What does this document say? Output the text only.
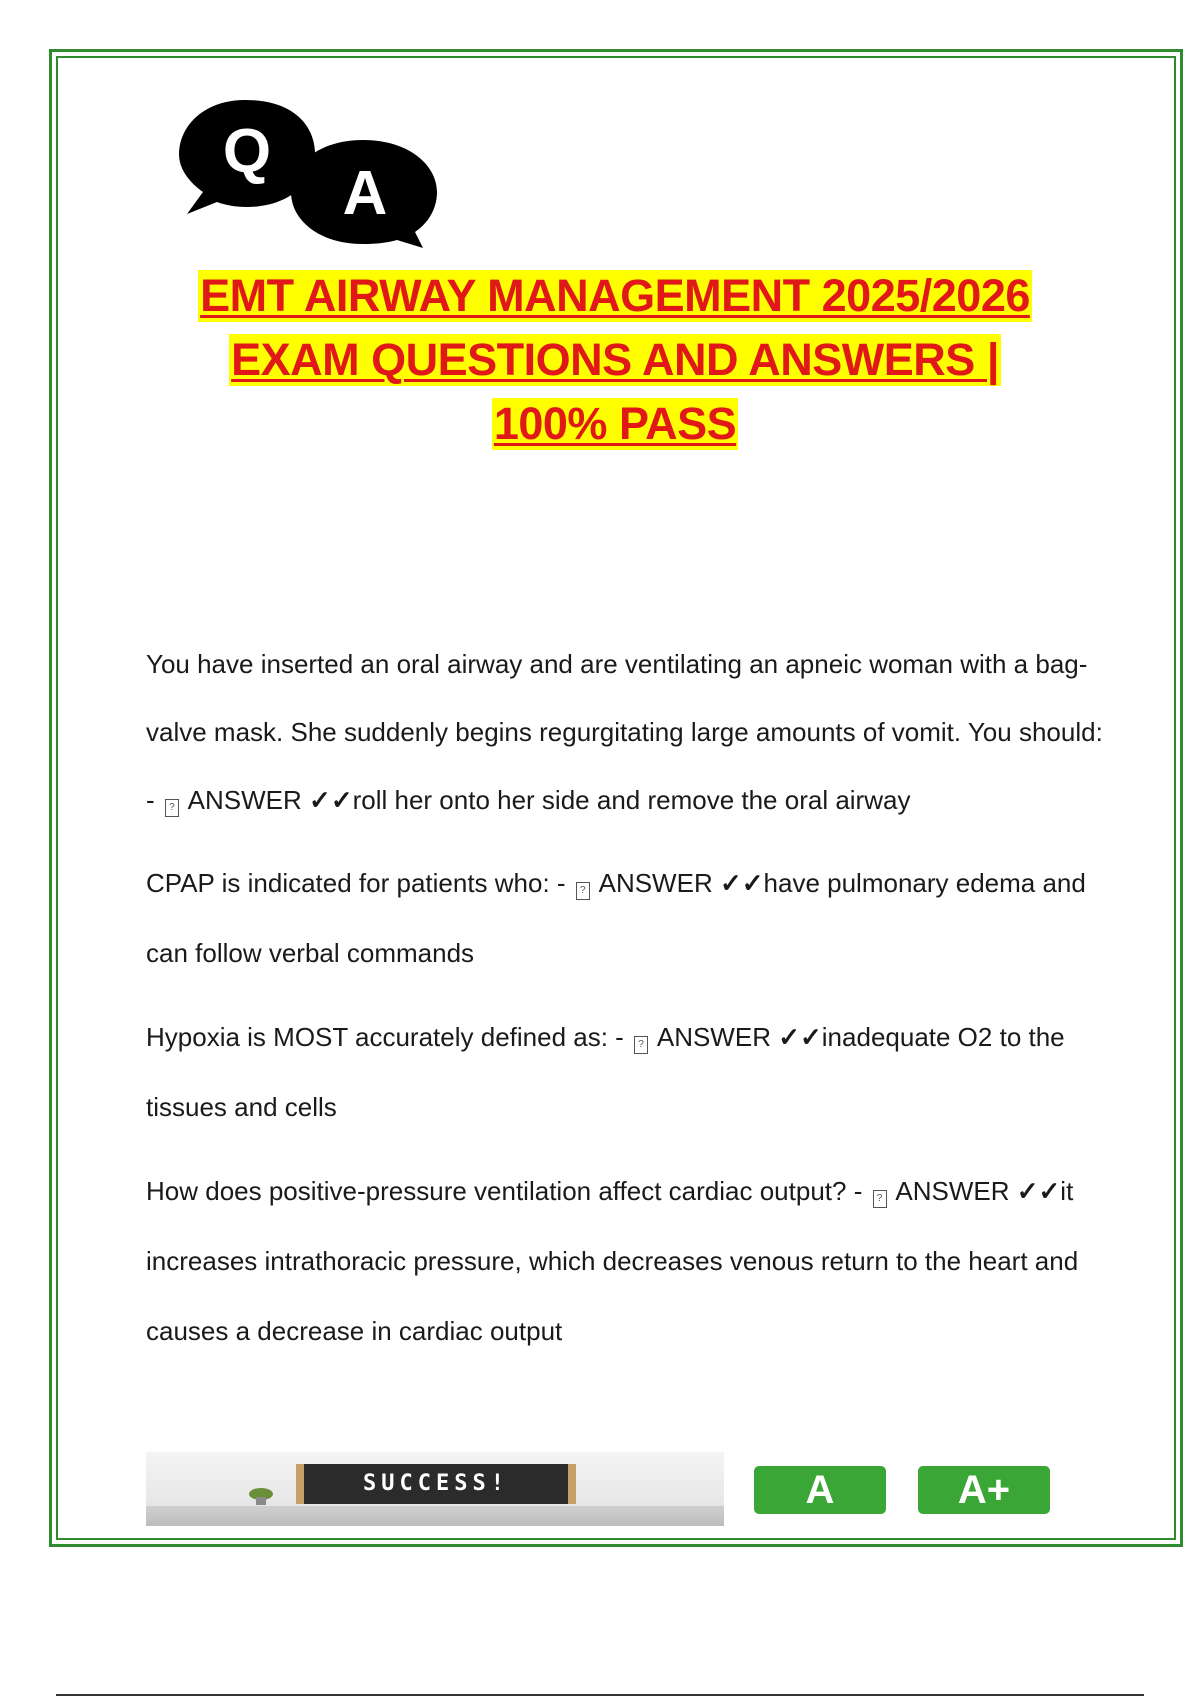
Q
A
EMT AIRWAY MANAGEMENT 2025/2026
EXAM QUESTIONS AND ANSWERS |
100% PASS
You have inserted an oral airway and are ventilating an apneic woman with a bag-valve mask. She suddenly begins regurgitating large amounts of vomit. You should: - ? ANSWER ✓✓roll her onto her side and remove the oral airway
CPAP is indicated for patients who: - ? ANSWER ✓✓have pulmonary edema and can follow verbal commands
Hypoxia is MOST accurately defined as: - ? ANSWER ✓✓inadequate O2 to the tissues and cells
How does positive-pressure ventilation affect cardiac output? - ? ANSWER ✓✓it increases intrathoracic pressure, which decreases venous return to the heart and causes a decrease in cardiac output
SUCCESS!	A	A+
